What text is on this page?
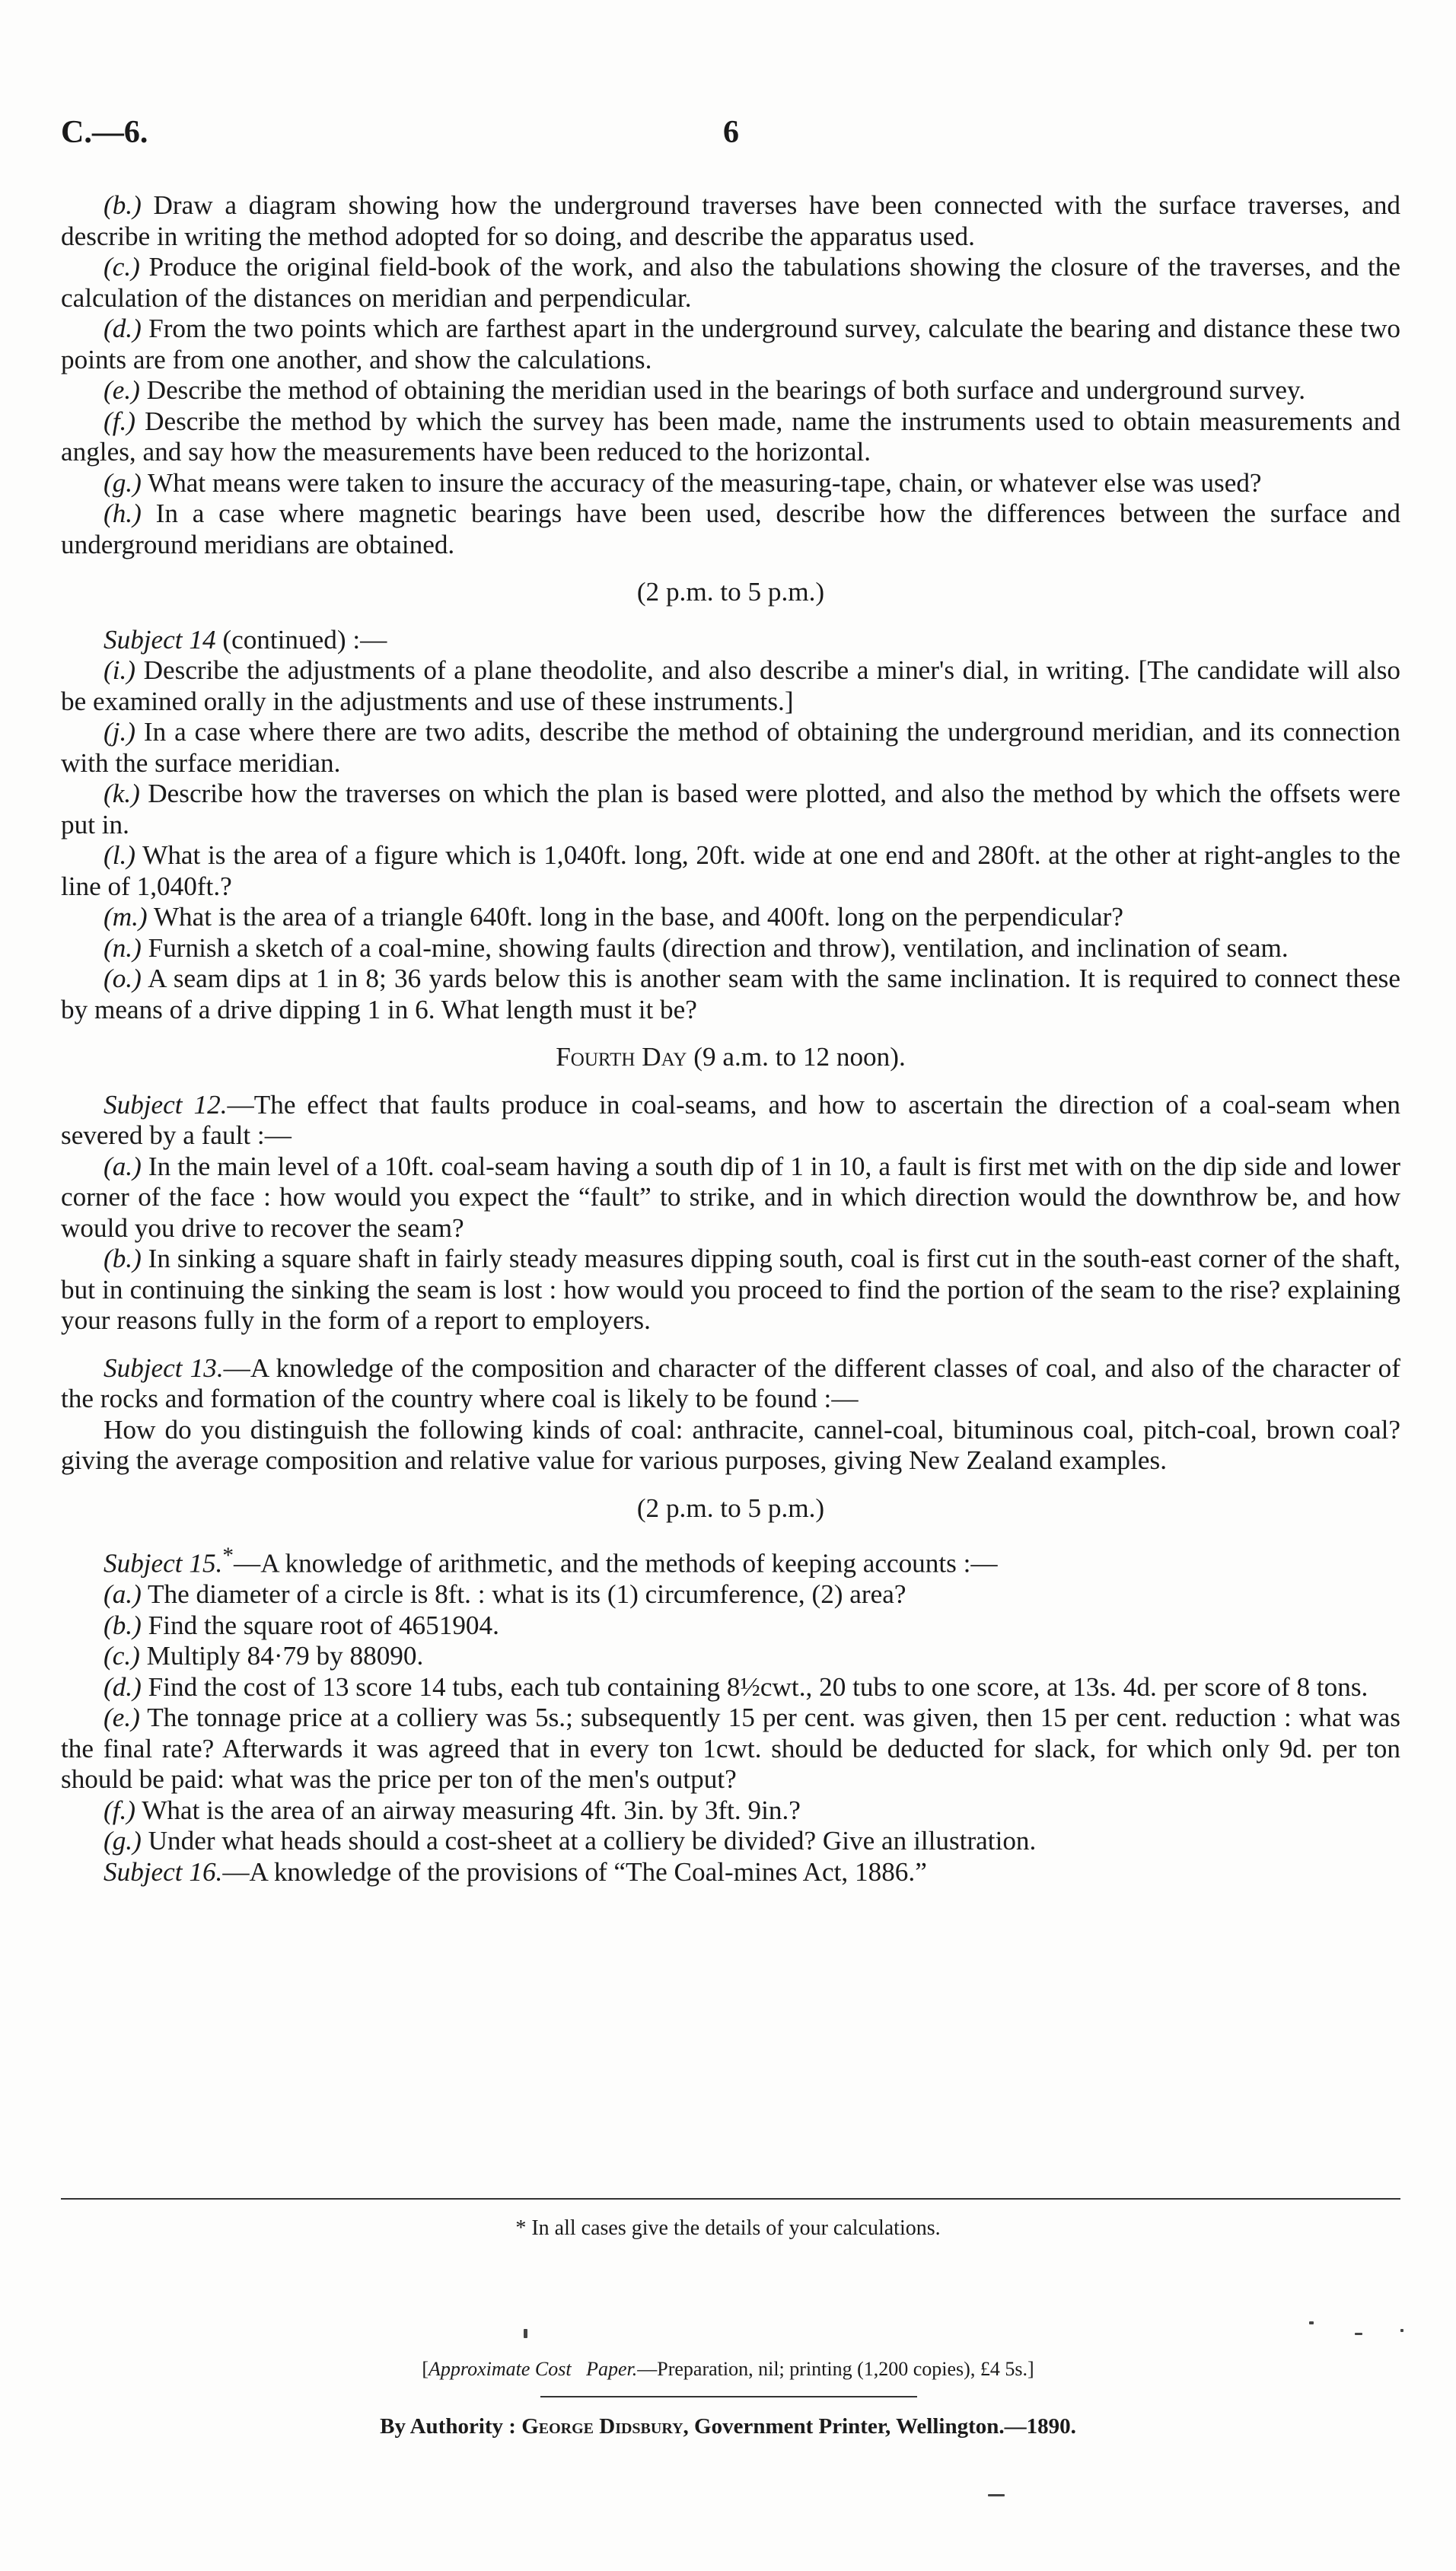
C.—6.	6

(b.) Draw a diagram showing how the underground traverses have been connected with the surface traverses, and describe in writing the method adopted for so doing, and describe the apparatus used.

(c.) Produce the original field-book of the work, and also the tabulations showing the closure of the traverses, and the calculation of the distances on meridian and perpendicular.

(d.) From the two points which are farthest apart in the underground survey, calculate the bearing and distance these two points are from one another, and show the calculations.

(e.) Describe the method of obtaining the meridian used in the bearings of both surface and underground survey.

(f.) Describe the method by which the survey has been made, name the instruments used to obtain measurements and angles, and say how the measurements have been reduced to the horizontal.

(g.) What means were taken to insure the accuracy of the measuring-tape, chain, or whatever else was used?

(h.) In a case where magnetic bearings have been used, describe how the differences between the surface and underground meridians are obtained.

(2 p.m. to 5 p.m.)

Subject 14 (continued) :—

(i.) Describe the adjustments of a plane theodolite, and also describe a miner's dial, in writing. [The candidate will also be examined orally in the adjustments and use of these instruments.]

(j.) In a case where there are two adits, describe the method of obtaining the underground meridian, and its connection with the surface meridian.

(k.) Describe how the traverses on which the plan is based were plotted, and also the method by which the offsets were put in.

(l.) What is the area of a figure which is 1,040ft. long, 20ft. wide at one end and 280ft. at the other at right-angles to the line of 1,040ft.?

(m.) What is the area of a triangle 640ft. long in the base, and 400ft. long on the perpendicular?

(n.) Furnish a sketch of a coal-mine, showing faults (direction and throw), ventilation, and inclination of seam.

(o.) A seam dips at 1 in 8; 36 yards below this is another seam with the same inclination. It is required to connect these by means of a drive dipping 1 in 6. What length must it be?

Fourth Day (9 a.m. to 12 noon).

Subject 12.—The effect that faults produce in coal-seams, and how to ascertain the direction of a coal-seam when severed by a fault :—

(a.) In the main level of a 10ft. coal-seam having a south dip of 1 in 10, a fault is first met with on the dip side and lower corner of the face : how would you expect the “fault” to strike, and in which direction would the downthrow be, and how would you drive to recover the seam?

(b.) In sinking a square shaft in fairly steady measures dipping south, coal is first cut in the south-east corner of the shaft, but in continuing the sinking the seam is lost : how would you proceed to find the portion of the seam to the rise? explaining your reasons fully in the form of a report to employers.

Subject 13.—A knowledge of the composition and character of the different classes of coal, and also of the character of the rocks and formation of the country where coal is likely to be found :—

How do you distinguish the following kinds of coal: anthracite, cannel-coal, bituminous coal, pitch-coal, brown coal? giving the average composition and relative value for various purposes, giving New Zealand examples.

(2 p.m. to 5 p.m.)

Subject 15.*—A knowledge of arithmetic, and the methods of keeping accounts :—

(a.) The diameter of a circle is 8ft. : what is its (1) circumference, (2) area?

(b.) Find the square root of 4651904.

(c.) Multiply 84·79 by 88090.

(d.) Find the cost of 13 score 14 tubs, each tub containing 8½cwt., 20 tubs to one score, at 13s. 4d. per score of 8 tons.

(e.) The tonnage price at a colliery was 5s.; subsequently 15 per cent. was given, then 15 per cent. reduction : what was the final rate? Afterwards it was agreed that in every ton 1cwt. should be deducted for slack, for which only 9d. per ton should be paid: what was the price per ton of the men's output?

(f.) What is the area of an airway measuring 4ft. 3in. by 3ft. 9in.?

(g.) Under what heads should a cost-sheet at a colliery be divided? Give an illustration.

Subject 16.—A knowledge of the provisions of “The Coal-mines Act, 1886.”

* In all cases give the details of your calculations.
[Approximate Cost Paper.—Preparation, nil; printing (1,200 copies), £4 5s.]
By Authority : George Didsbury, Government Printer, Wellington.—1890.
